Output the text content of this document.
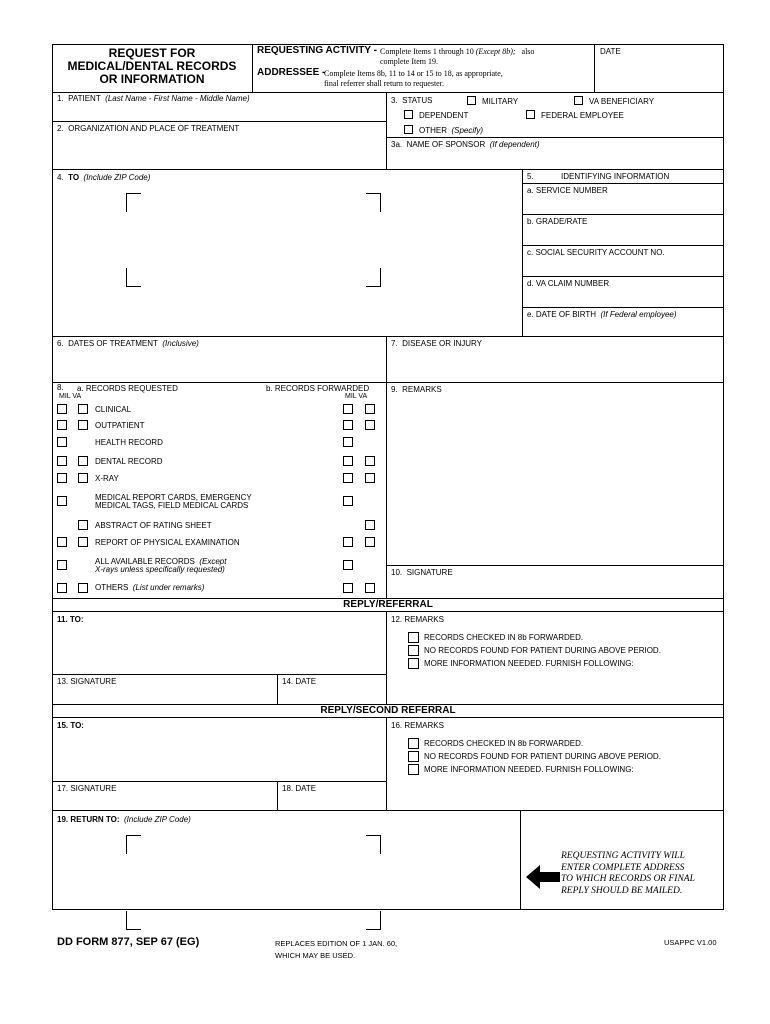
REQUEST FOR
MEDICAL/DENTAL RECORDS
OR INFORMATION
REQUESTING ACTIVITY - Complete Items 1 through 10 (Except 8b); also
complete Item 19.
ADDRESSEE -
Complete Items 8b, 11 to 14 or 15 to 18, as appropriate,
final referrer shall return to requester.
DATE
1. PATIENT (Last Name - First Name - Middle Name)
2. ORGANIZATION AND PLACE OF TREATMENT
3. STATUS	MILITARY	VA BENEFICIARY
DEPENDENT	FEDERAL EMPLOYEE
OTHER (Specify)
3a. NAME OF SPONSOR (If dependent)
4. TO (Include ZIP Code)	5.	IDENTIFYING INFORMATION
a. SERVICE NUMBER
b. GRADE/RATE
c. SOCIAL SECURITY ACCOUNT NO.
d. VA CLAIM NUMBER
e. DATE OF BIRTH (If Federal employee)
6. DATES OF TREATMENT (Inclusive)	7. DISEASE OR INJURY
8. a. RECORDS REQUESTED	b. RECORDS FORWARDED
MIL VA	MIL VA
CLINICAL
OUTPATIENT
HEALTH RECORD
DENTAL RECORD
X-RAY
MEDICAL REPORT CARDS, EMERGENCY
MEDICAL TAGS, FIELD MEDICAL CARDS
ABSTRACT OF RATING SHEET
REPORT OF PHYSICAL EXAMINATION
ALL AVAILABLE RECORDS (Except
X-rays unless specifically requested)
OTHERS (List under remarks)
9. REMARKS
10. SIGNATURE
REPLY/REFERRAL
11. TO:	12. REMARKS
RECORDS CHECKED IN 8b FORWARDED.
NO RECORDS FOUND FOR PATIENT DURING ABOVE PERIOD.
MORE INFORMATION NEEDED. FURNISH FOLLOWING:
13. SIGNATURE	14. DATE
REPLY/SECOND REFERRAL
15. TO:	16. REMARKS
RECORDS CHECKED IN 8b FORWARDED.
NO RECORDS FOUND FOR PATIENT DURING ABOVE PERIOD.
MORE INFORMATION NEEDED. FURNISH FOLLOWING:
17. SIGNATURE	18. DATE
19. RETURN TO: (Include ZIP Code)
REQUESTING ACTIVITY WILL
ENTER COMPLETE ADDRESS
TO WHICH RECORDS OR FINAL
REPLY SHOULD BE MAILED.
DD FORM 877, SEP 67 (EG)	REPLACES EDITION OF 1 JAN. 60,
WHICH MAY BE USED.
USAPPC V1.00
